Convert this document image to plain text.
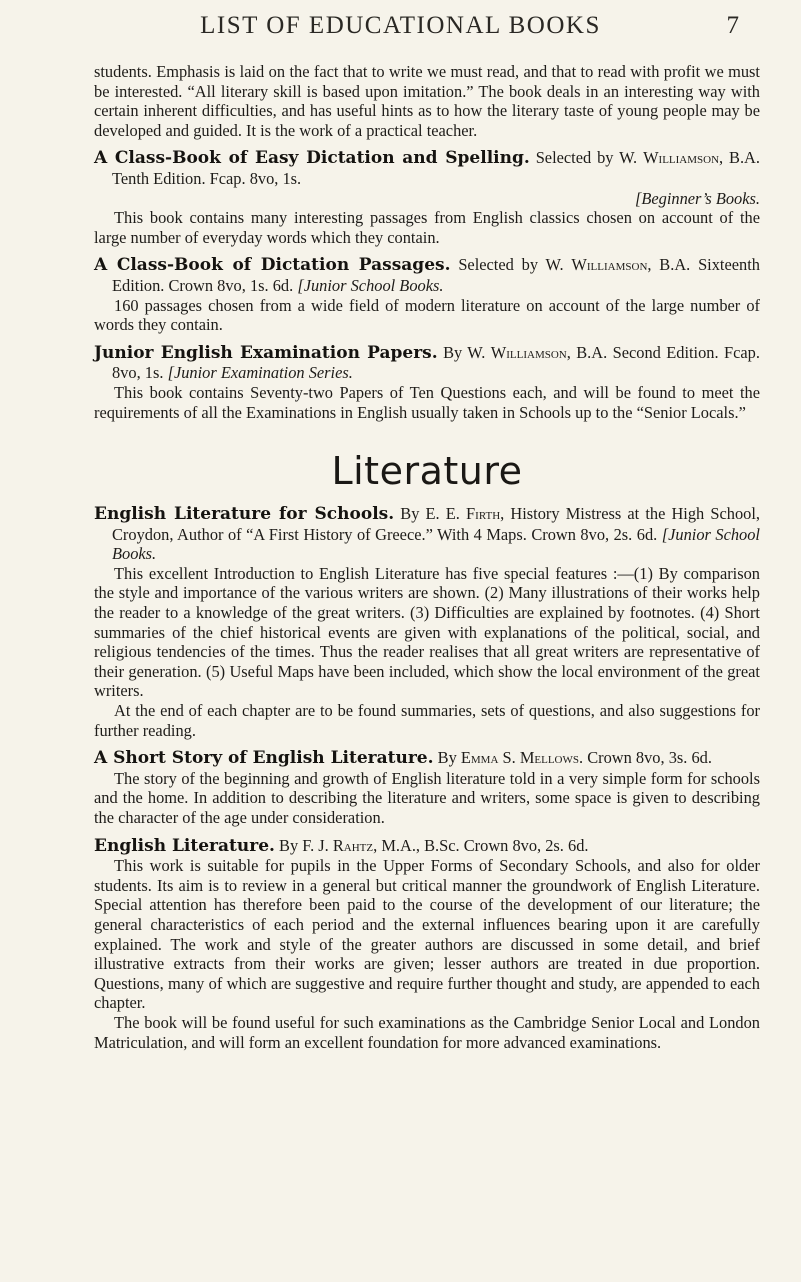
LIST OF EDUCATIONAL BOOKS	7

students. Emphasis is laid on the fact that to write we must read, and that to read with profit we must be interested. “All literary skill is based upon imitation.” The book deals in an interesting way with certain inherent difficulties, and has useful hints as to how the literary taste of young people may be developed and guided. It is the work of a practical teacher.

A Class-Book of Easy Dictation and Spelling. Selected by W. Williamson, B.A. Tenth Edition. Fcap. 8vo, 1s.

[Beginner’s Books.

This book contains many interesting passages from English classics chosen on account of the large number of everyday words which they contain.

A Class-Book of Dictation Passages. Selected by W. Williamson, B.A. Sixteenth Edition. Crown 8vo, 1s. 6d. [Junior School Books.

160 passages chosen from a wide field of modern literature on account of the large number of words they contain.

Junior English Examination Papers. By W. Williamson, B.A. Second Edition. Fcap. 8vo, 1s. [Junior Examination Series.

This book contains Seventy-two Papers of Ten Questions each, and will be found to meet the requirements of all the Examinations in English usually taken in Schools up to the “Senior Locals.”

Literature

English Literature for Schools. By E. E. Firth, History Mistress at the High School, Croydon, Author of “A First History of Greece.” With 4 Maps. Crown 8vo, 2s. 6d. [Junior School Books.

This excellent Introduction to English Literature has five special features :—(1) By comparison the style and importance of the various writers are shown. (2) Many illustrations of their works help the reader to a knowledge of the great writers. (3) Difficulties are explained by footnotes. (4) Short summaries of the chief historical events are given with explanations of the political, social, and religious tendencies of the times. Thus the reader realises that all great writers are representative of their generation. (5) Useful Maps have been included, which show the local environment of the great writers.

At the end of each chapter are to be found summaries, sets of questions, and also suggestions for further reading.

A Short Story of English Literature. By Emma S. Mellows. Crown 8vo, 3s. 6d.

The story of the beginning and growth of English literature told in a very simple form for schools and the home. In addition to describing the literature and writers, some space is given to describing the character of the age under consideration.

English Literature. By F. J. Rahtz, M.A., B.Sc. Crown 8vo, 2s. 6d.

This work is suitable for pupils in the Upper Forms of Secondary Schools, and also for older students. Its aim is to review in a general but critical manner the groundwork of English Literature. Special attention has therefore been paid to the course of the development of our literature; the general characteristics of each period and the external influences bearing upon it are carefully explained. The work and style of the greater authors are discussed in some detail, and brief illustrative extracts from their works are given; lesser authors are treated in due proportion. Questions, many of which are suggestive and require further thought and study, are appended to each chapter.

The book will be found useful for such examinations as the Cambridge Senior Local and London Matriculation, and will form an excellent foundation for more advanced examinations.
